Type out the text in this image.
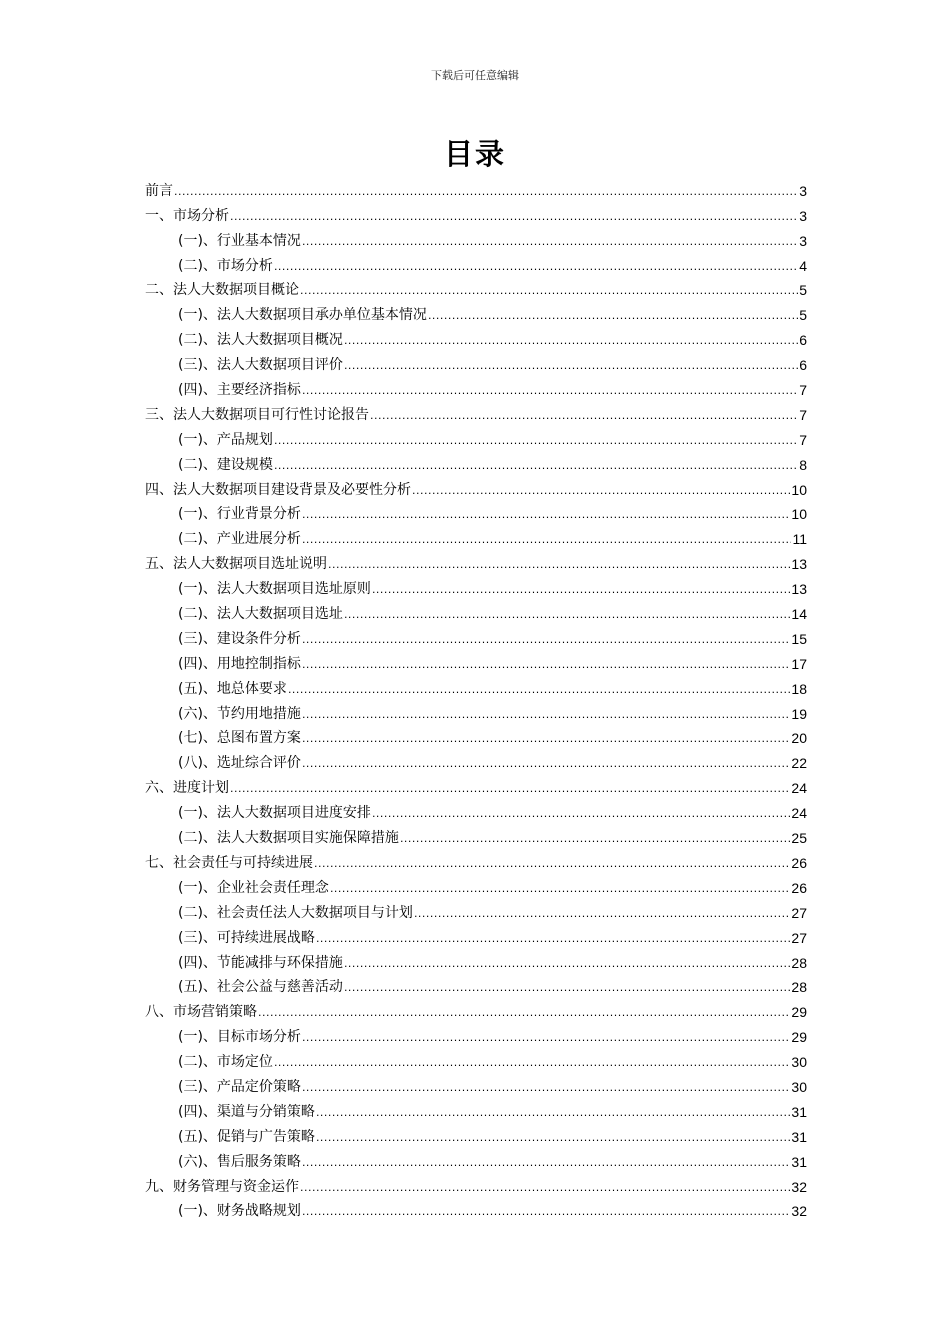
下载后可任意编辑
目录
前言 .....	3
一、市场分析 .....	3
(一)、行业基本情况 .....	3
(二)、市场分析 .....	4
二、法人大数据项目概论 .....	5
(一)、法人大数据项目承办单位基本情况 .....	5
(二)、法人大数据项目概况 .....	6
(三)、法人大数据项目评价 .....	6
(四)、主要经济指标 .....	7
三、法人大数据项目可行性讨论报告 .....	7
(一)、产品规划 .....	7
(二)、建设规模 .....	8
四、法人大数据项目建设背景及必要性分析 .....	10
(一)、行业背景分析 .....	10
(二)、产业进展分析 .....	11
五、法人大数据项目选址说明 .....	13
(一)、法人大数据项目选址原则 .....	13
(二)、法人大数据项目选址 .....	14
(三)、建设条件分析 .....	15
(四)、用地控制指标 .....	17
(五)、地总体要求 .....	18
(六)、节约用地措施 .....	19
(七)、总图布置方案 .....	20
(八)、选址综合评价 .....	22
六、进度计划 .....	24
(一)、法人大数据项目进度安排 .....	24
(二)、法人大数据项目实施保障措施 .....	25
七、社会责任与可持续进展 .....	26
(一)、企业社会责任理念 .....	26
(二)、社会责任法人大数据项目与计划 .....	27
(三)、可持续进展战略 .....	27
(四)、节能减排与环保措施 .....	28
(五)、社会公益与慈善活动 .....	28
八、市场营销策略 .....	29
(一)、目标市场分析 .....	29
(二)、市场定位 .....	30
(三)、产品定价策略 .....	30
(四)、渠道与分销策略 .....	31
(五)、促销与广告策略 .....	31
(六)、售后服务策略 .....	31
九、财务管理与资金运作 .....	32
(一)、财务战略规划 .....	32
